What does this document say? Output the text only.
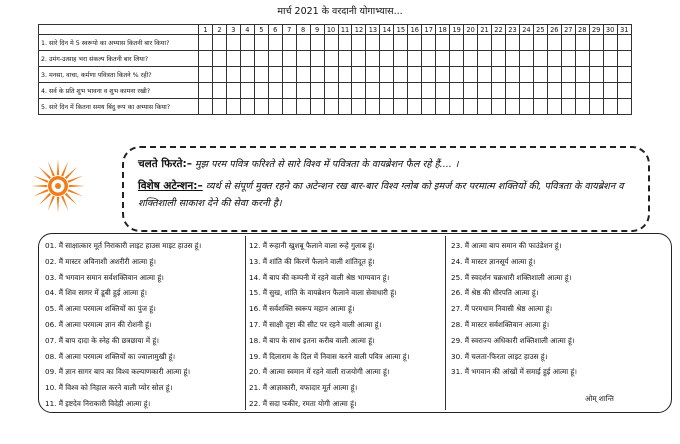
मार्च 2021 के वरदानी योगाभ्यास...
	1	2	3	4	5	6	7	8	9	10	11	12	13	14	15	16	17	18	19	20	21	22	23	24	25	26	27	28	29	30	31
1. सारे दिन मे 5 स्वरूपो का अभ्यास कितनी बार किया?																															
2. उमंग-उत्साह भरा संकल्प कितनी बार लिया?																															
3. मनसा, वाचा, कर्मणा पवित्रता कितने % रही?																															
4. सर्व के प्रति शुभ भावना व शुभ कामना रखी?																															
5. सारे दिन में कितना समय बिंदु रूप का अभ्यास किया?																															
चलते फिरते:– मुझ परम पवित्र फरिश्ते से सारे विश्व में पवित्रता के वायब्रेशन फैल रहे हैं.... ।
विशेष अटेन्शन:– व्यर्थ से संपूर्ण मुक्त रहने का अटेन्शन रख बार-बार विश्व ग्लोब को इमर्ज कर परमात्म शक्तियों की, पवित्रता के वायब्रेशन व शक्तिशाली साकाश देने की सेवा करनी है।
01. मैं साक्षात्कार मूर्त निराकारी लाइट हाउस माइट हाउस हूं।
02. मैं मास्टर अविनाशी अशरीरी आत्मा हूं।
03. मैं भगवान समान सर्वशक्तिवान आत्मा हूं।
04. मैं शिव सागर में डूबी हुई आत्मा हूं।
05. मैं आत्मा परमात्म शक्तियों का पुंज हूं।
06. मैं आत्मा परमात्म ज्ञान की रोशनी हूं।
07. मैं बाप दादा के स्नेह की छत्रछाया में हूं।
08. मैं आत्मा परमात्म शक्तियों का ज्वालामुखी हूं।
09. मैं ज्ञान सागर बाप का विश्व कल्याणकारी आत्मा हूं।
10. मैं विश्व को निहाल करने वाली प्योर सोल हूं।
11. मैं इष्टदेव निराकारी विदेही आत्मा हूं।
12. मैं रूहानी खुशबू फैलाने वाला रूहे गुलाब हूं।
13. मैं शांति की किरणें फैलाने वाली शांतिदूत हूं।
14. मैं बाप की कम्पनी में रहने वाली श्रेष्ठ भाग्यवान हूं।
15. मैं सुख, शांति के वायब्रेशन फैलाने वाला सेवाधारी हूं।
16. मैं सर्वशक्ति स्वरूप महान आत्मा हूं।
17. मैं साक्षी दृष्टा की सीट पर रहने वाली आत्मा हूं।
18. मैं बाप के साथ इतना करीब वाली आत्मा हूं।
19. मैं दिलाराम के दिल में निवास करने वाली पवित्र आत्मा हूं।
20. मैं आत्मा स्वमान में रहने वाली राजयोगी आत्मा हूं।
21. मैं आज्ञाकारी, वफादार मूर्त आत्मा हूं।
22. मैं सदा फकीर, रमता योगी आत्मा हूं।
23. मैं आत्मा बाप समान की फाउंडेशन हूं।
24. मैं मास्टर ज्ञानसूर्य आत्मा हूं।
25. मैं स्वदर्शन चक्रधारी शक्तिशाली आत्मा हूं।
26. मैं श्रेष्ठ की धीरपति आत्मा हूं।
27. मैं परमधाम निवासी श्रेष्ठ आत्मा हूं।
28. मैं मास्टर सर्वशक्तिवान आत्मा हूं।
29. मैं स्वराज्य अधिकारी शक्तिशाली आत्मा हूं।
30. मैं चलता-फिरता लाइट हाउस हूं।
31. मैं भगवान की आंखों में समाई हुई आत्मा हूं।
ओम् शान्ति
